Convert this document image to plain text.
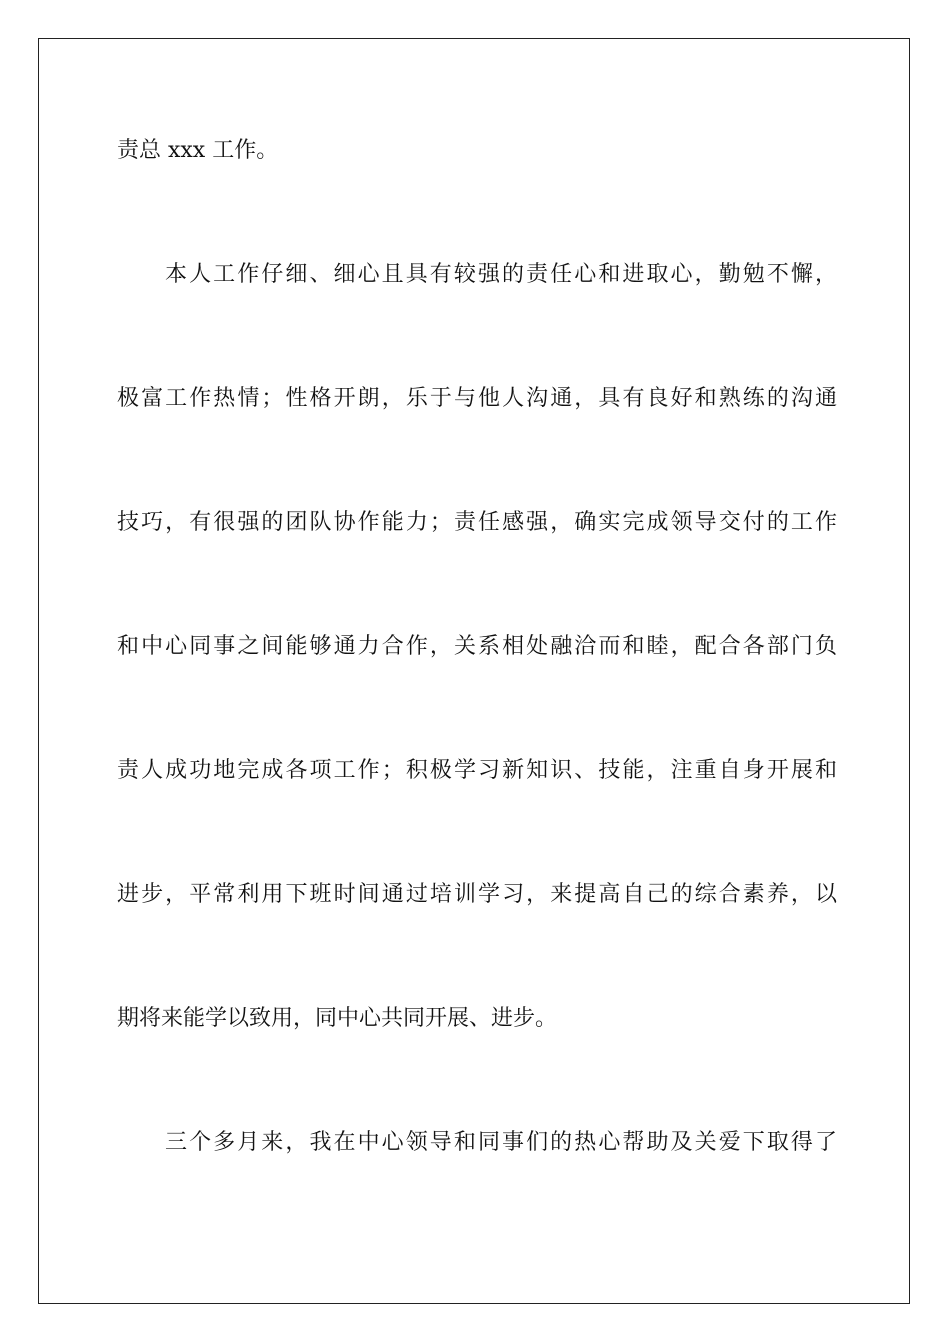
责总 xxx 工作。
本人工作仔细、细心且具有较强的责任心和进取心，勤勉不懈，
极富工作热情；性格开朗，乐于与他人沟通，具有良好和熟练的沟通
技巧，有很强的团队协作能力；责任感强，确实完成领导交付的工作
和中心同事之间能够通力合作，关系相处融洽而和睦，配合各部门负
责人成功地完成各项工作；积极学习新知识、技能，注重自身开展和
进步，平常利用下班时间通过培训学习，来提高自己的综合素养，以
期将来能学以致用，同中心共同开展、进步。
三个多月来，我在中心领导和同事们的热心帮助及关爱下取得了
